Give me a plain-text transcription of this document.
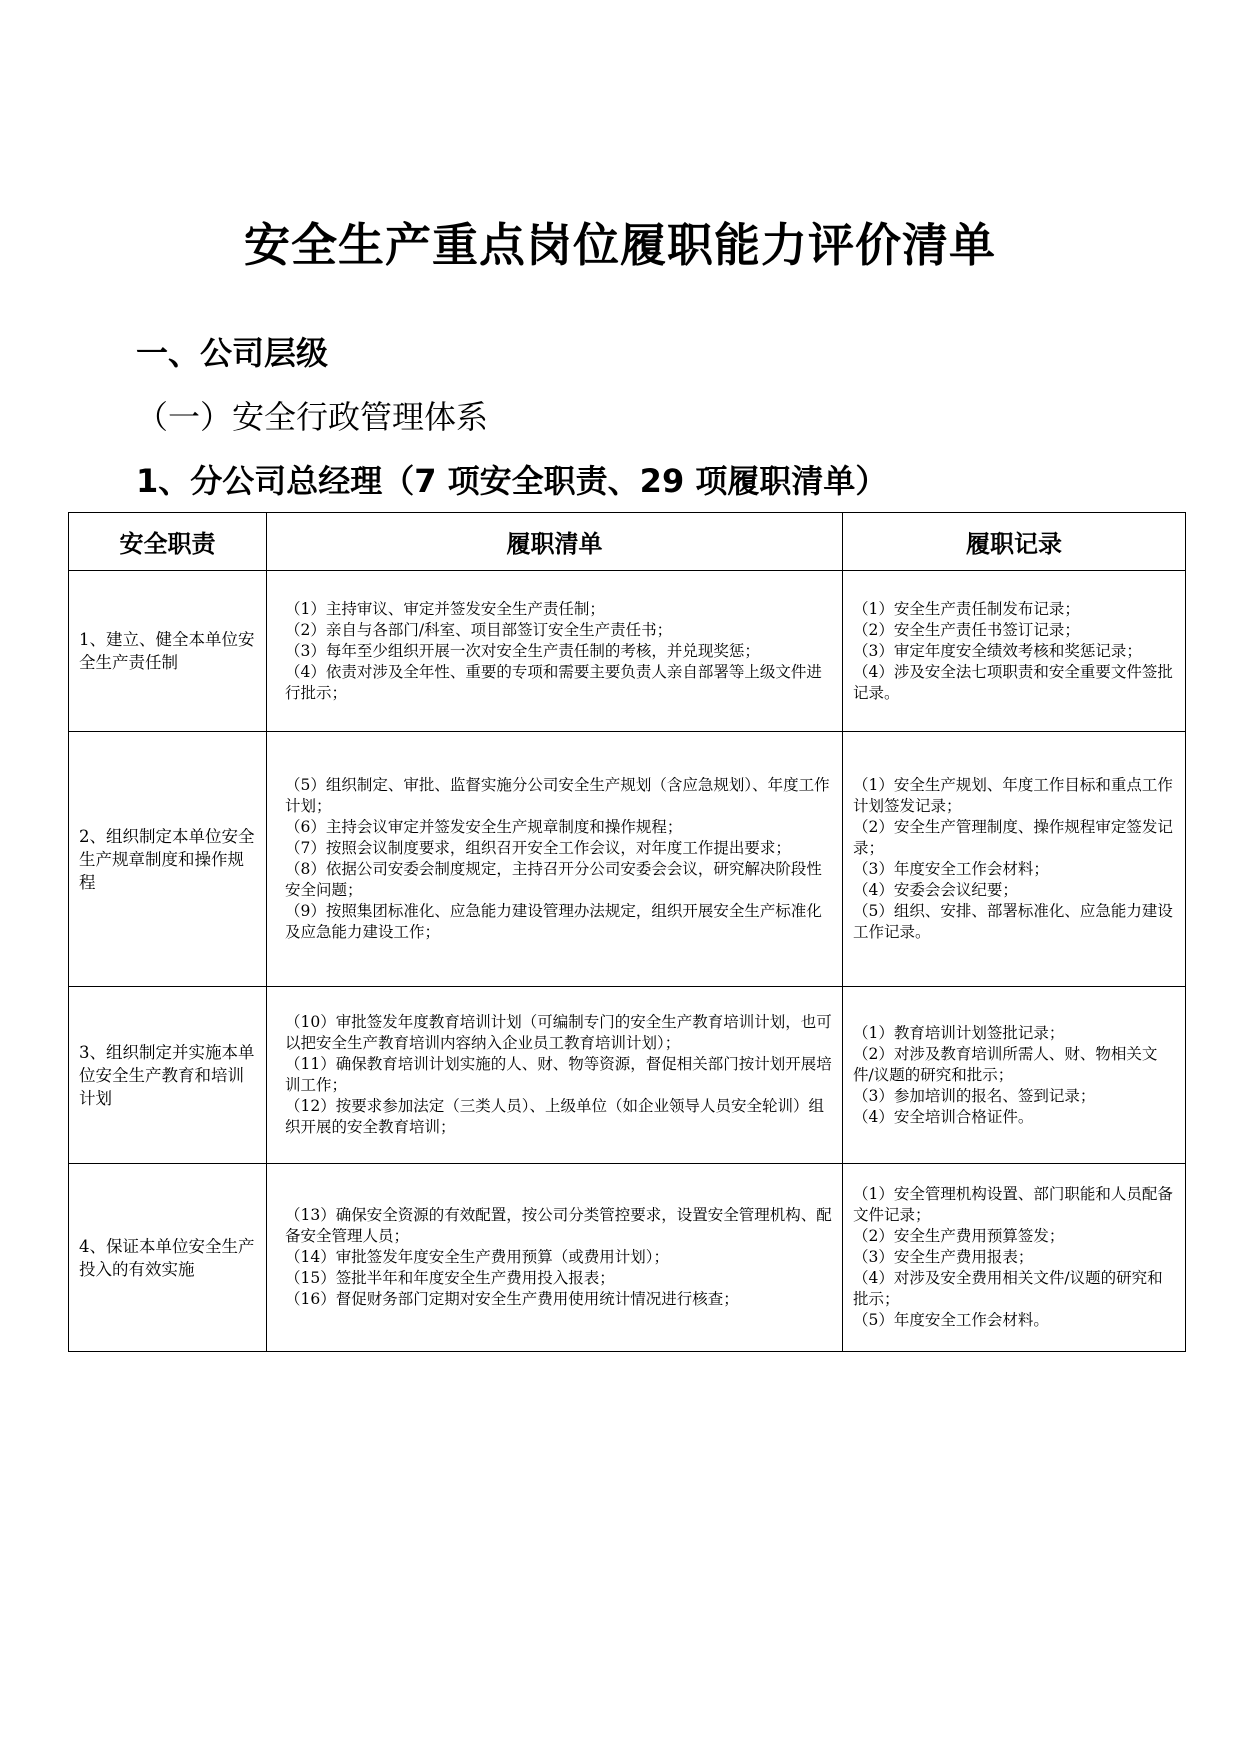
安全生产重点岗位履职能力评价清单
一、公司层级
（一）安全行政管理体系
1、分公司总经理（7 项安全职责、29 项履职清单）
安全职责	履职清单	履职记录
1、建立、健全本单位安全生产责任制	（1）主持审议、审定并签发安全生产责任制；
（2）亲自与各部门/科室、项目部签订安全生产责任书；
（3）每年至少组织开展一次对安全生产责任制的考核，并兑现奖惩；
（4）依责对涉及全年性、重要的专项和需要主要负责人亲自部署等上级文件进行批示；	（1）安全生产责任制发布记录；
（2）安全生产责任书签订记录；
（3）审定年度安全绩效考核和奖惩记录；
（4）涉及安全法七项职责和安全重要文件签批记录。

2、组织制定本单位安全生产规章制度和操作规程	（5）组织制定、审批、监督实施分公司安全生产规划（含应急规划）、年度工作计划；
（6）主持会议审定并签发安全生产规章制度和操作规程；
（7）按照会议制度要求，组织召开安全工作会议，对年度工作提出要求；
（8）依据公司安委会制度规定，主持召开分公司安委会会议，研究解决阶段性安全问题；
（9）按照集团标准化、应急能力建设管理办法规定，组织开展安全生产标准化及应急能力建设工作；	（1）安全生产规划、年度工作目标和重点工作计划签发记录；
（2）安全生产管理制度、操作规程审定签发记录；
（3）年度安全工作会材料；
（4）安委会会议纪要；
（5）组织、安排、部署标准化、应急能力建设工作记录。

3、组织制定并实施本单位安全生产教育和培训计划	（10）审批签发年度教育培训计划（可编制专门的安全生产教育培训计划，也可以把安全生产教育培训内容纳入企业员工教育培训计划）；
（11）确保教育培训计划实施的人、财、物等资源，督促相关部门按计划开展培训工作；
（12）按要求参加法定（三类人员）、上级单位（如企业领导人员安全轮训）组织开展的安全教育培训；	（1）教育培训计划签批记录；
（2）对涉及教育培训所需人、财、物相关文件/议题的研究和批示；
（3）参加培训的报名、签到记录；
（4）安全培训合格证件。

4、保证本单位安全生产投入的有效实施	（13）确保安全资源的有效配置，按公司分类管控要求，设置安全管理机构、配备安全管理人员；
（14）审批签发年度安全生产费用预算（或费用计划）；
（15）签批半年和年度安全生产费用投入报表；
（16）督促财务部门定期对安全生产费用使用统计情况进行核查；	（1）安全管理机构设置、部门职能和人员配备文件记录；
（2）安全生产费用预算签发；
（3）安全生产费用报表；
（4）对涉及安全费用相关文件/议题的研究和批示；
（5）年度安全工作会材料。
